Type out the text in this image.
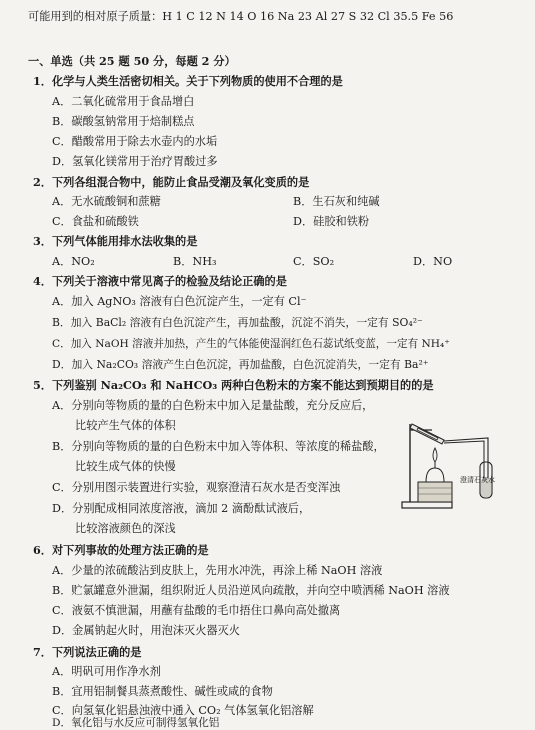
可能用到的相对原子质量：H 1 C 12 N 14 O 16 Na 23 Al 27 S 32 Cl 35.5 Fe 56
一、单选（共 25 题 50 分，每题 2 分）
1．化学与人类生活密切相关。关于下列物质的使用不合理的是
A．二氧化硫常用于食品增白
B．碳酸氢钠常用于焙制糕点
C．醋酸常用于除去水壶内的水垢
D．氢氧化镁常用于治疗胃酸过多
2．下列各组混合物中，能防止食品受潮及氧化变质的是
A．无水硫酸铜和蔗糖	B．生石灰和纯碱
C．食盐和硫酸铁	D．硅胶和铁粉
3．下列气体能用排水法收集的是
A．NO₂	B．NH₃	C．SO₂	D．NO
4．下列关于溶液中常见离子的检验及结论正确的是
A．加入 AgNO₃ 溶液有白色沉淀产生，一定有 Cl⁻
B．加入 BaCl₂ 溶液有白色沉淀产生，再加盐酸，沉淀不消失，一定有 SO₄²⁻
C．加入 NaOH 溶液并加热，产生的气体能使湿润红色石蕊试纸变蓝，一定有 NH₄⁺
D．加入 Na₂CO₃ 溶液产生白色沉淀，再加盐酸，白色沉淀消失，一定有 Ba²⁺
5．下列鉴别 Na₂CO₃ 和 NaHCO₃ 两种白色粉末的方案不能达到预期目的的是
A．分别向等物质的量的白色粉末中加入足量盐酸，充分反应后，
比较产生气体的体积
B．分别向等物质的量的白色粉末中加入等体积、等浓度的稀盐酸，
比较生成气体的快慢
C．分别用图示装置进行实验，观察澄清石灰水是否变浑浊
D．分别配成相同浓度溶液，滴加 2 滴酚酞试液后，
比较溶液颜色的深浅
澄清石灰水
6．对下列事故的处理方法正确的是
A．少量的浓硫酸沾到皮肤上，先用水冲洗，再涂上稀 NaOH 溶液
B．贮氯罐意外泄漏，组织附近人员沿逆风向疏散，并向空中喷洒稀 NaOH 溶液
C．液氨不慎泄漏，用蘸有盐酸的毛巾捂住口鼻向高处撤离
D．金属钠起火时，用泡沫灭火器灭火
7．下列说法正确的是
A．明矾可用作净水剂
B．宜用铝制餐具蒸煮酸性、碱性或咸的食物
C．向氢氧化铝悬浊液中通入 CO₂ 气体氢氧化铝溶解
D．氧化铝与水反应可制得氢氧化铝
